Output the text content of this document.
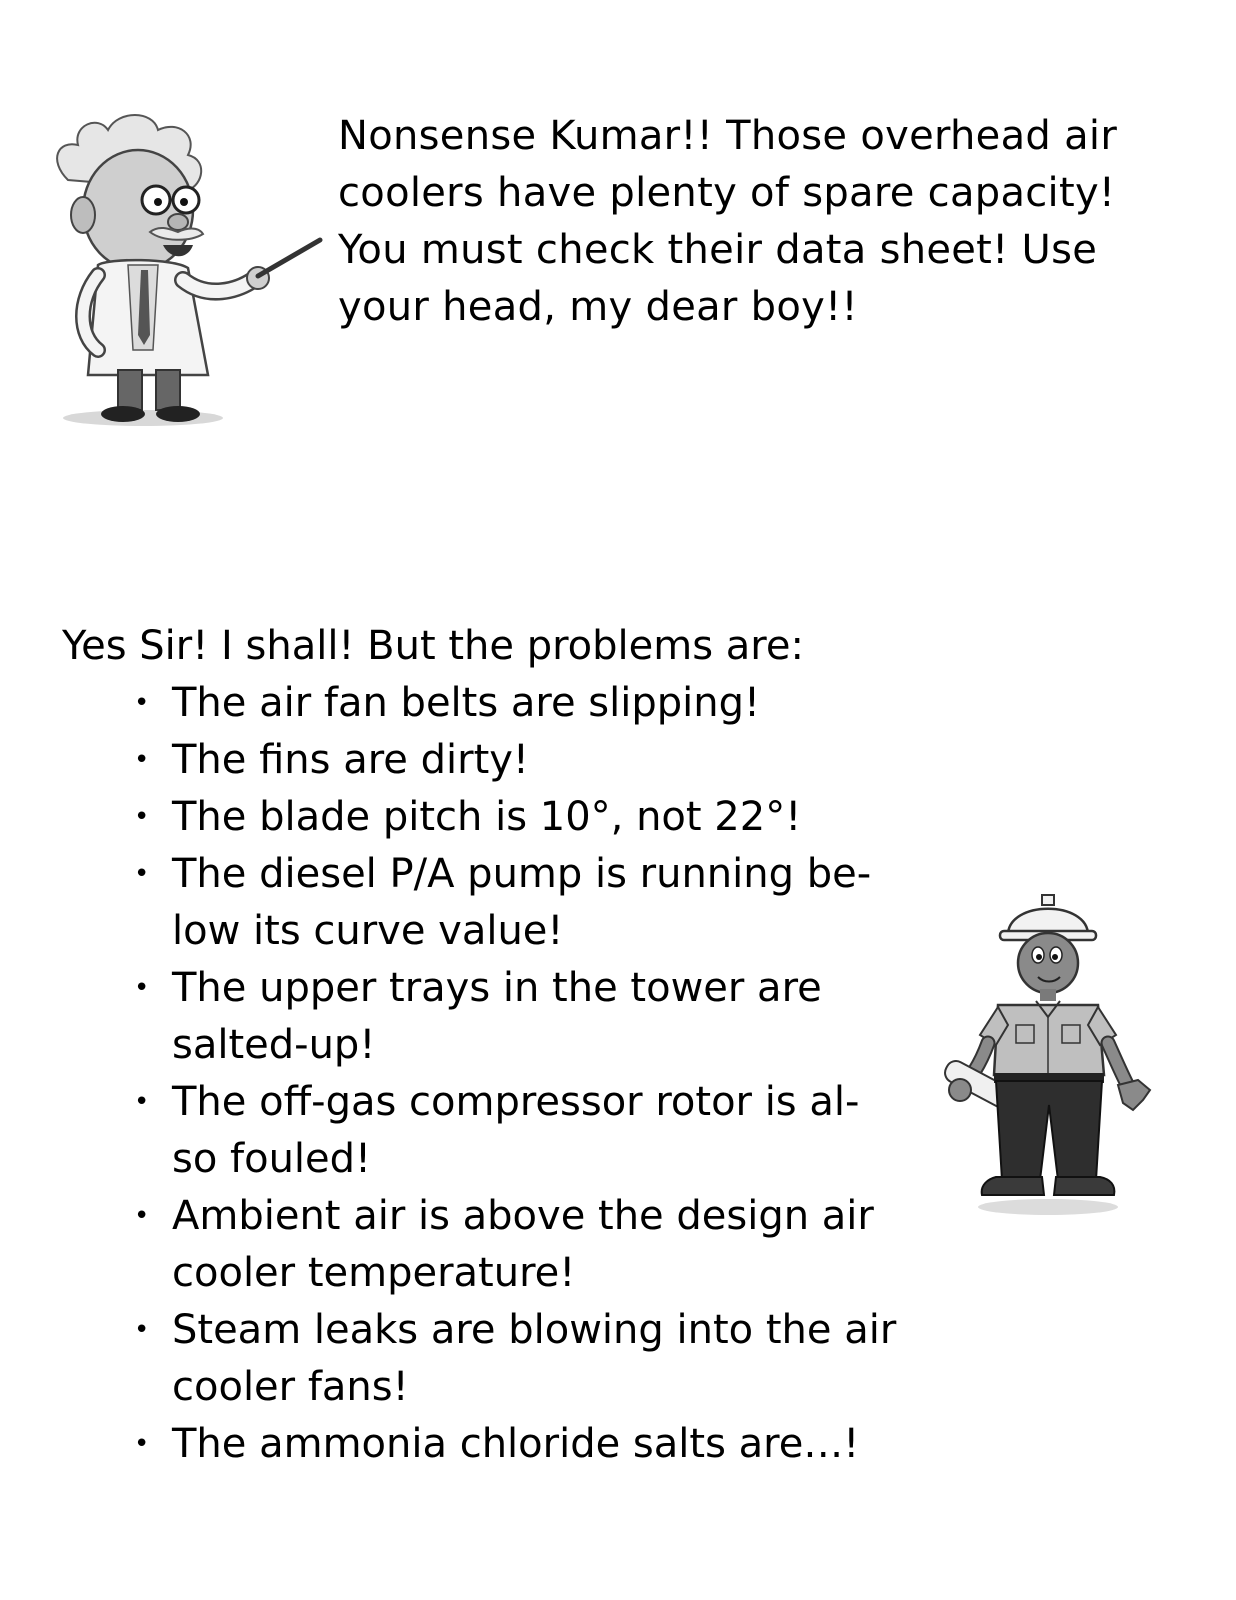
Nonsense Kumar!! Those overhead air
coolers have plenty of spare capacity!
You must check their data sheet! Use
your head, my dear boy!!
Yes Sir! I shall! But the problems are:
• The air fan belts are slipping!
• The fins are dirty!
• The blade pitch is 10°, not 22°!
• The diesel P/A pump is running be-
low its curve value!
• The upper trays in the tower are
salted-up!
• The off-gas compressor rotor is al-
so fouled!
• Ambient air is above the design air
cooler temperature!
• Steam leaks are blowing into the air
cooler fans!
• The ammonia chloride salts are…!
